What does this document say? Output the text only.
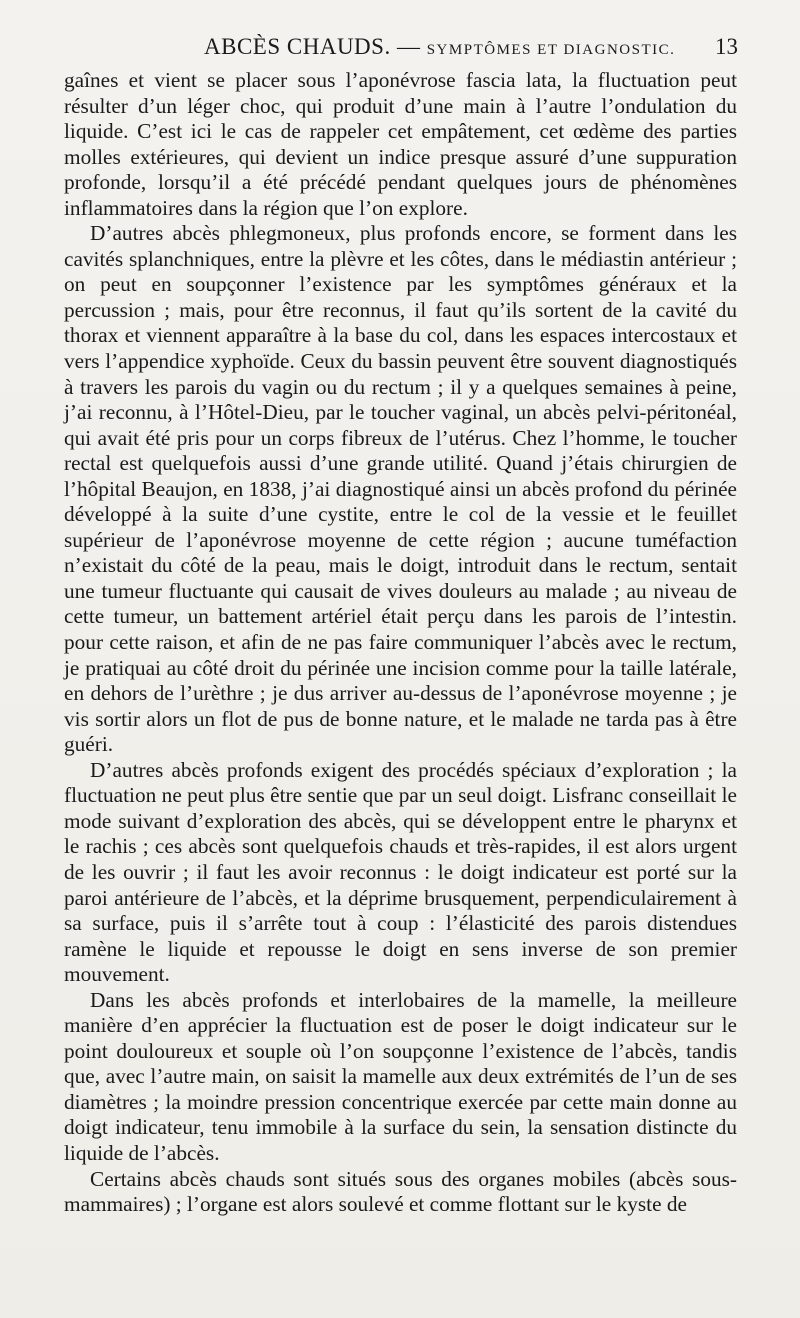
ABCÈS CHAUDS. — SYMPTÔMES ET DIAGNOSTIC. 13

gaînes et vient se placer sous l’aponévrose fascia lata, la fluctuation peut résulter d’un léger choc, qui produit d’une main à l’autre l’ondulation du liquide. C’est ici le cas de rappeler cet empâtement, cet œdème des parties molles extérieures, qui devient un indice presque assuré d’une suppuration profonde, lorsqu’il a été précédé pendant quelques jours de phénomènes inflammatoires dans la région que l’on explore.

D’autres abcès phlegmoneux, plus profonds encore, se forment dans les cavités splanchniques, entre la plèvre et les côtes, dans le médiastin antérieur ; on peut en soupçonner l’existence par les symptômes généraux et la percussion ; mais, pour être reconnus, il faut qu’ils sortent de la cavité du thorax et viennent apparaître à la base du col, dans les espaces intercostaux et vers l’appendice xyphoïde. Ceux du bassin peuvent être souvent diagnostiqués à travers les parois du vagin ou du rectum ; il y a quelques semaines à peine, j’ai reconnu, à l’Hôtel-Dieu, par le toucher vaginal, un abcès pelvi-péritonéal, qui avait été pris pour un corps fibreux de l’utérus. Chez l’homme, le toucher rectal est quelquefois aussi d’une grande utilité. Quand j’étais chirurgien de l’hôpital Beaujon, en 1838, j’ai diagnostiqué ainsi un abcès profond du périnée développé à la suite d’une cystite, entre le col de la vessie et le feuillet supérieur de l’aponévrose moyenne de cette région ; aucune tuméfaction n’existait du côté de la peau, mais le doigt, introduit dans le rectum, sentait une tumeur fluctuante qui causait de vives douleurs au malade ; au niveau de cette tumeur, un battement artériel était perçu dans les parois de l’intestin. pour cette raison, et afin de ne pas faire communiquer l’abcès avec le rectum, je pratiquai au côté droit du périnée une incision comme pour la taille latérale, en dehors de l’urèthre ; je dus arriver au-dessus de l’aponévrose moyenne ; je vis sortir alors un flot de pus de bonne nature, et le malade ne tarda pas à être guéri.

D’autres abcès profonds exigent des procédés spéciaux d’exploration ; la fluctuation ne peut plus être sentie que par un seul doigt. Lisfranc conseillait le mode suivant d’exploration des abcès, qui se développent entre le pharynx et le rachis ; ces abcès sont quelquefois chauds et très-rapides, il est alors urgent de les ouvrir ; il faut les avoir reconnus : le doigt indicateur est porté sur la paroi antérieure de l’abcès, et la déprime brusquement, perpendiculairement à sa surface, puis il s’arrête tout à coup : l’élasticité des parois distendues ramène le liquide et repousse le doigt en sens inverse de son premier mouvement.

Dans les abcès profonds et interlobaires de la mamelle, la meilleure manière d’en apprécier la fluctuation est de poser le doigt indicateur sur le point douloureux et souple où l’on soupçonne l’existence de l’abcès, tandis que, avec l’autre main, on saisit la mamelle aux deux extrémités de l’un de ses diamètres ; la moindre pression concentrique exercée par cette main donne au doigt indicateur, tenu immobile à la surface du sein, la sensation distincte du liquide de l’abcès.

Certains abcès chauds sont situés sous des organes mobiles (abcès sous-mammaires) ; l’organe est alors soulevé et comme flottant sur le kyste de
